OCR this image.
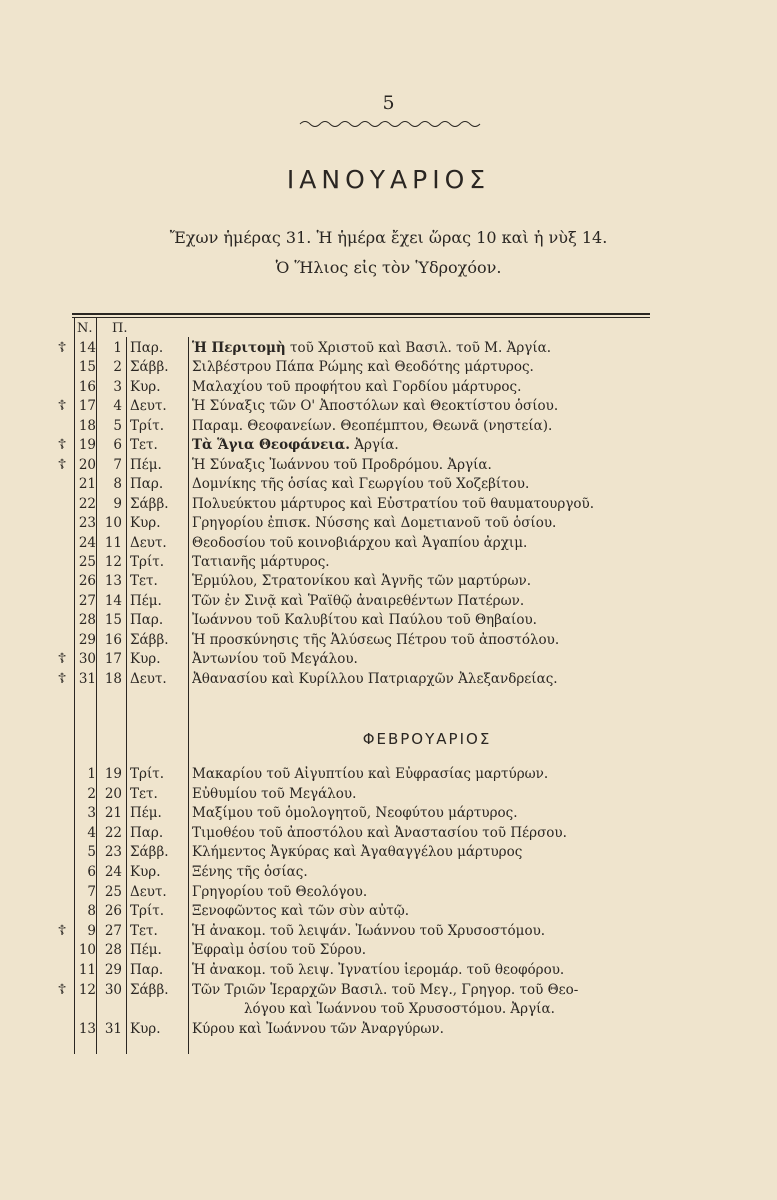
5
ΙΑΝΟΥΑΡΙΟΣ
Ἔχων ἡμέρας 31. Ἡ ἡμέρα ἔχει ὥρας 10 καὶ ἡ νὺξ 14.
Ὁ Ἥλιος εἰς τὸν Ὑδροχόον.
Ν. Π.
☦ 14	1 Παρ.	Ἡ Περιτομὴ τοῦ Χριστοῦ καὶ Βασιλ. τοῦ Μ. Ἀργία.
15	2 Σάββ.	Σιλβέστρου Πάπα Ρώμης καὶ Θεοδότης μάρτυρος.
16	3 Κυρ.	Μαλαχίου τοῦ προφήτου καὶ Γορδίου μάρτυρος.
☦ 17	4 Δευτ.	Ἡ Σύναξις τῶν Ο' Ἀποστόλων καὶ Θεοκτίστου ὁσίου.
18	5 Τρίτ.	Παραμ. Θεοφανείων. Θεοπέμπτου, Θεωνᾶ (νηστεία).
☦ 19	6 Τετ.	Τὰ Ἅγια Θεοφάνεια. Ἀργία.
☦ 20	7 Πέμ.	Ἡ Σύναξις Ἰωάννου τοῦ Προδρόμου. Ἀργία.
21	8 Παρ.	Δομνίκης τῆς ὁσίας καὶ Γεωργίου τοῦ Χοζεβίτου.
22	9 Σάββ.	Πολυεύκτου μάρτυρος καὶ Εὐστρατίου τοῦ θαυματουργοῦ.
23 10 Κυρ.	Γρηγορίου ἐπισκ. Νύσσης καὶ Δομετιανοῦ τοῦ ὁσίου.
24 11 Δευτ.	Θεοδοσίου τοῦ κοινοβιάρχου καὶ Ἀγαπίου ἀρχιμ.
25 12 Τρίτ.	Τατιανῆς μάρτυρος.
26 13 Τετ.	Ἑρμύλου, Στρατονίκου καὶ Ἁγνῆς τῶν μαρτύρων.
27 14 Πέμ.	Τῶν ἐν Σινᾷ καὶ Ῥαϊθῷ ἀναιρεθέντων Πατέρων.
28 15 Παρ.	Ἰωάννου τοῦ Καλυβίτου καὶ Παύλου τοῦ Θηβαίου.
29 16 Σάββ.	Ἡ προσκύνησις τῆς Ἁλύσεως Πέτρου τοῦ ἀποστόλου.
☦ 30 17 Κυρ.	Ἀντωνίου τοῦ Μεγάλου.
☦ 31 18 Δευτ.	Ἀθανασίου καὶ Κυρίλλου Πατριαρχῶν Ἀλεξανδρείας.
ΦΕΒΡΟΥΑΡΙΟΣ
1 19 Τρίτ.	Μακαρίου τοῦ Αἰγυπτίου καὶ Εὐφρασίας μαρτύρων.
2 20 Τετ.	Εὐθυμίου τοῦ Μεγάλου.
3 21 Πέμ.	Μαξίμου τοῦ ὁμολογητοῦ, Νεοφύτου μάρτυρος.
4 22 Παρ.	Τιμοθέου τοῦ ἀποστόλου καὶ Ἀναστασίου τοῦ Πέρσου.
5 23 Σάββ.	Κλήμεντος Ἀγκύρας καὶ Ἀγαθαγγέλου μάρτυρος
6 24 Κυρ.	Ξένης τῆς ὁσίας.
7 25 Δευτ.	Γρηγορίου τοῦ Θεολόγου.
8 26 Τρίτ.	Ξενοφῶντος καὶ τῶν σὺν αὐτῷ.
☦	9 27 Τετ.	Ἡ ἀνακομ. τοῦ λειψάν. Ἰωάννου τοῦ Χρυσοστόμου.
10 28 Πέμ.	Ἐφραὶμ ὁσίου τοῦ Σύρου.
11 29 Παρ.	Ἡ ἀνακομ. τοῦ λειψ. Ἰγνατίου ἱερομάρ. τοῦ θεοφόρου.
☦ 12 30 Σάββ.	Τῶν Τριῶν Ἱεραρχῶν Βασιλ. τοῦ Μεγ., Γρηγορ. τοῦ Θεο-
λόγου καὶ Ἰωάννου τοῦ Χρυσοστόμου. Ἀργία.
13 31 Κυρ.	Κύρου καὶ Ἰωάννου τῶν Ἀναργύρων.
